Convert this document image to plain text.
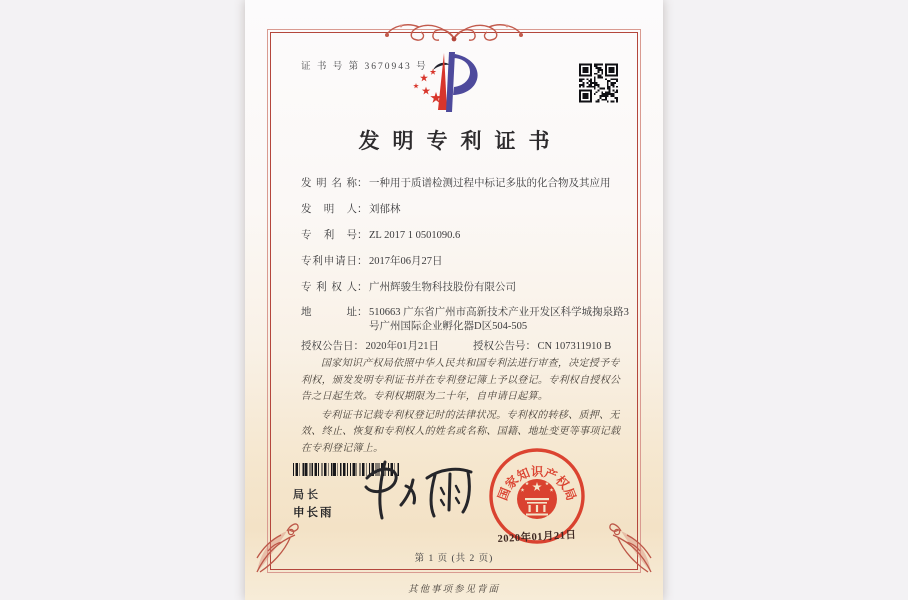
证 书 号 第 3670943 号
发明专利证书
发明名称 ： 一种用于质谱检测过程中标记多肽的化合物及其应用
发明人 ： 刘郁林
专利号 ： ZL 2017 1 0501090.6
专利申请日 ： 2017年06月27日
专利权人 ： 广州辉骏生物科技股份有限公司
地址 ： 510663 广东省广州市高新技术产业开发区科学城掬泉路3号广州国际企业孵化器D区504-505
授权公告日 ： 2020年01月21日	授权公告号 ： CN 107311910 B

国家知识产权局依照中华人民共和国专利法进行审查，决定授予专利权，颁发发明专利证书并在专利登记簿上予以登记。专利权自授权公告之日起生效。专利权期限为二十年，自申请日起算。

专利证书记载专利权登记时的法律状况。专利权的转移、质押、无效、终止、恢复和专利权人的姓名或名称、国籍、地址变更等事项记载在专利登记簿上。

局长
申长雨
国家知识产权局
2020年01月21日
第 1 页 (共 2 页)
其他事项参见背面
